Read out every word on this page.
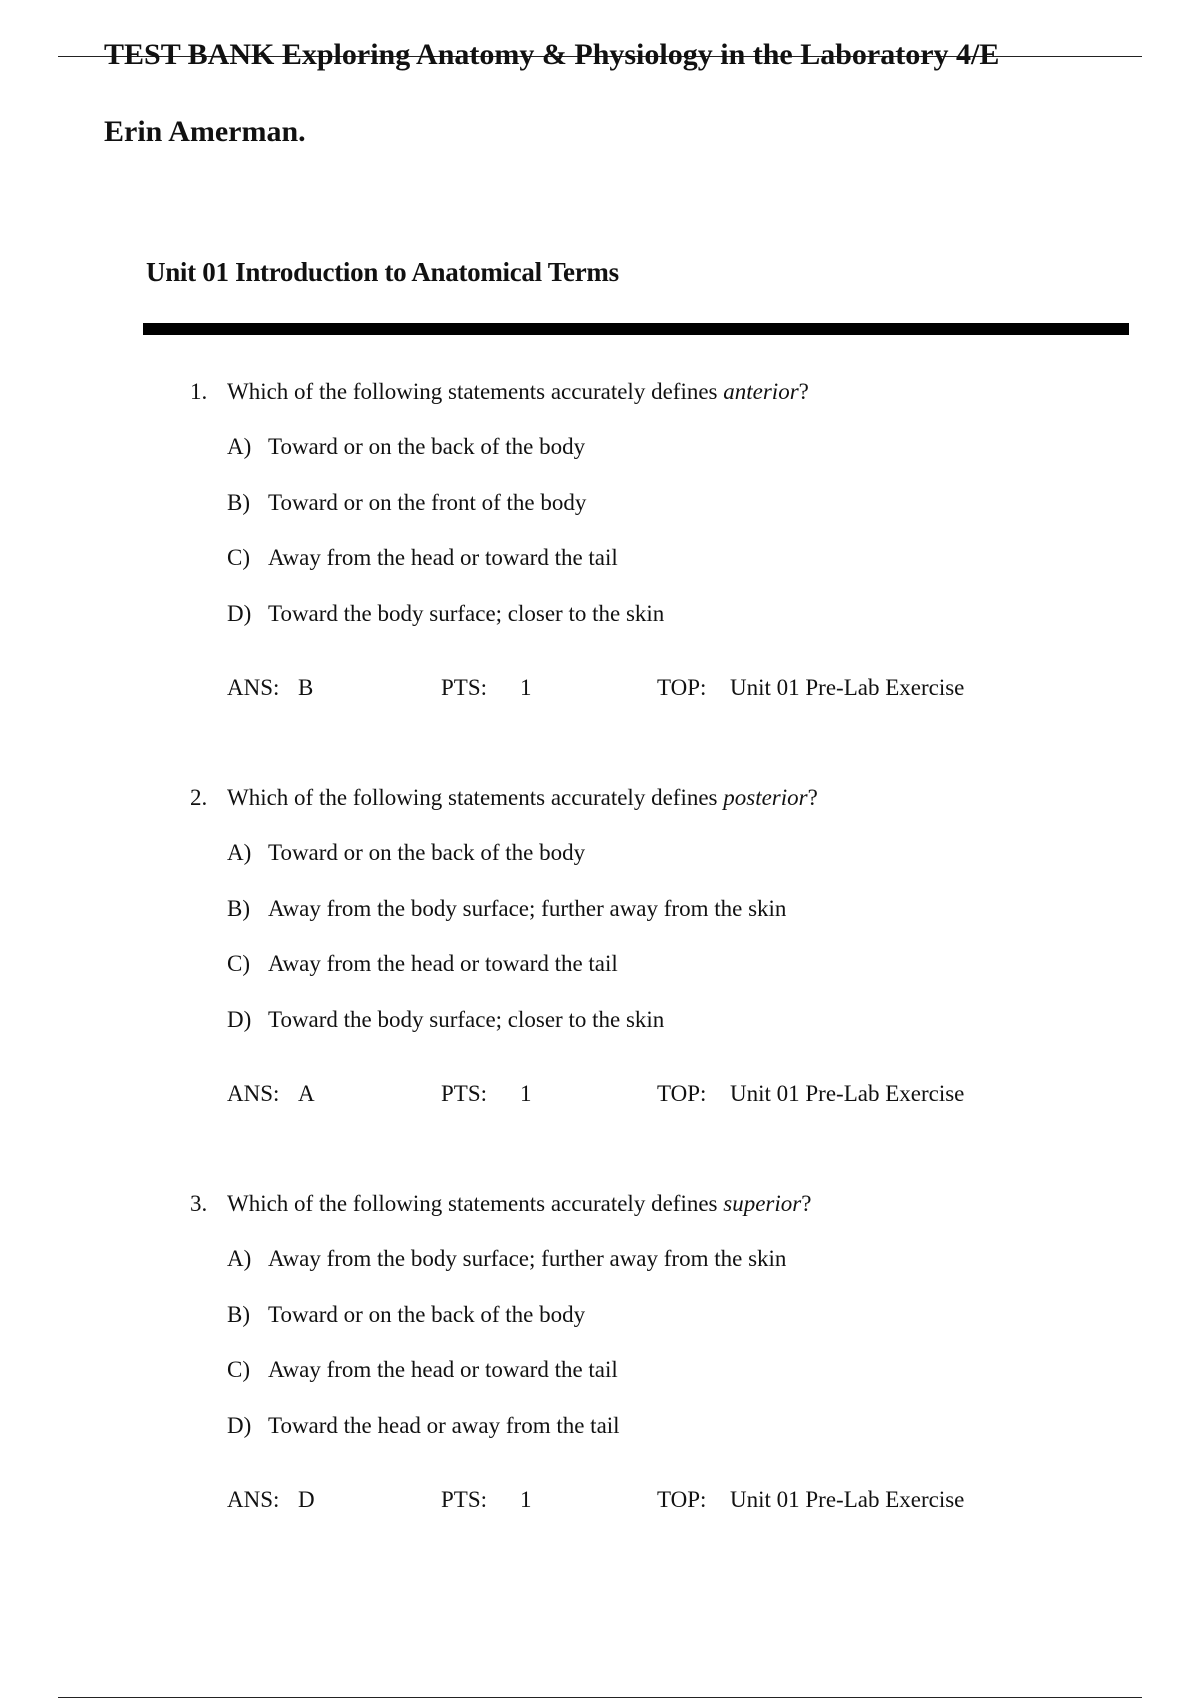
TEST BANK Exploring Anatomy & Physiology in the Laboratory 4/E
Erin Amerman.
Unit 01 Introduction to Anatomical Terms
1. Which of the following statements accurately defines anterior?
A) Toward or on the back of the body
B) Toward or on the front of the body
C) Away from the head or toward the tail
D) Toward the body surface; closer to the skin
ANS: B	PTS: 1	TOP: Unit 01 Pre-Lab Exercise
2. Which of the following statements accurately defines posterior?
A) Toward or on the back of the body
B) Away from the body surface; further away from the skin
C) Away from the head or toward the tail
D) Toward the body surface; closer to the skin
ANS: A	PTS: 1	TOP: Unit 01 Pre-Lab Exercise
3. Which of the following statements accurately defines superior?
A) Away from the body surface; further away from the skin
B) Toward or on the back of the body
C) Away from the head or toward the tail
D) Toward the head or away from the tail
ANS: D	PTS: 1	TOP: Unit 01 Pre-Lab Exercise
